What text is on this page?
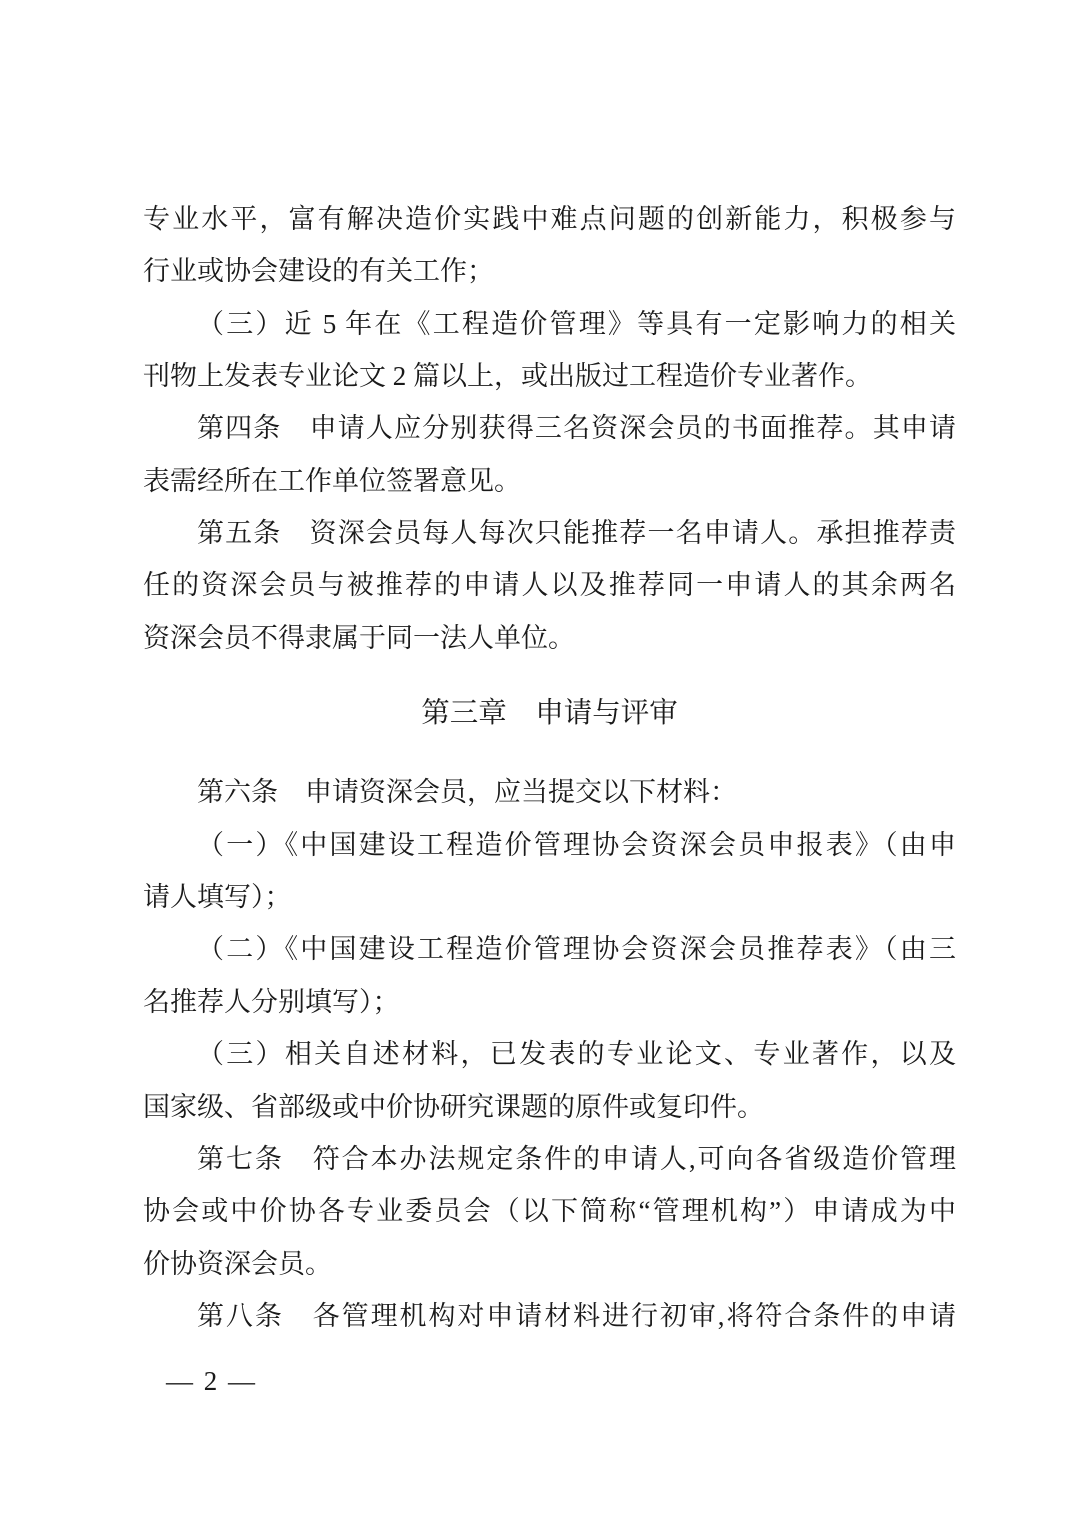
专业水平，富有解决造价实践中难点问题的创新能力，积极参与
行业或协会建设的有关工作；
（三）近 5 年在《工程造价管理》等具有一定影响力的相关
刊物上发表专业论文 2 篇以上，或出版过工程造价专业著作。
第四条　申请人应分别获得三名资深会员的书面推荐。其申请
表需经所在工作单位签署意见。
第五条　资深会员每人每次只能推荐一名申请人。承担推荐责
任的资深会员与被推荐的申请人以及推荐同一申请人的其余两名
资深会员不得隶属于同一法人单位。
第三章　申请与评审
第六条　申请资深会员，应当提交以下材料：
（一）《中国建设工程造价管理协会资深会员申报表》（由申
请人填写）；
（二）《中国建设工程造价管理协会资深会员推荐表》（由三
名推荐人分别填写）；
（三）相关自述材料，已发表的专业论文、专业著作，以及
国家级、省部级或中价协研究课题的原件或复印件。
第七条　符合本办法规定条件的申请人,可向各省级造价管理
协会或中价协各专业委员会（以下简称“管理机构”）申请成为中
价协资深会员。
第八条　各管理机构对申请材料进行初审,将符合条件的申请
— 2 —
